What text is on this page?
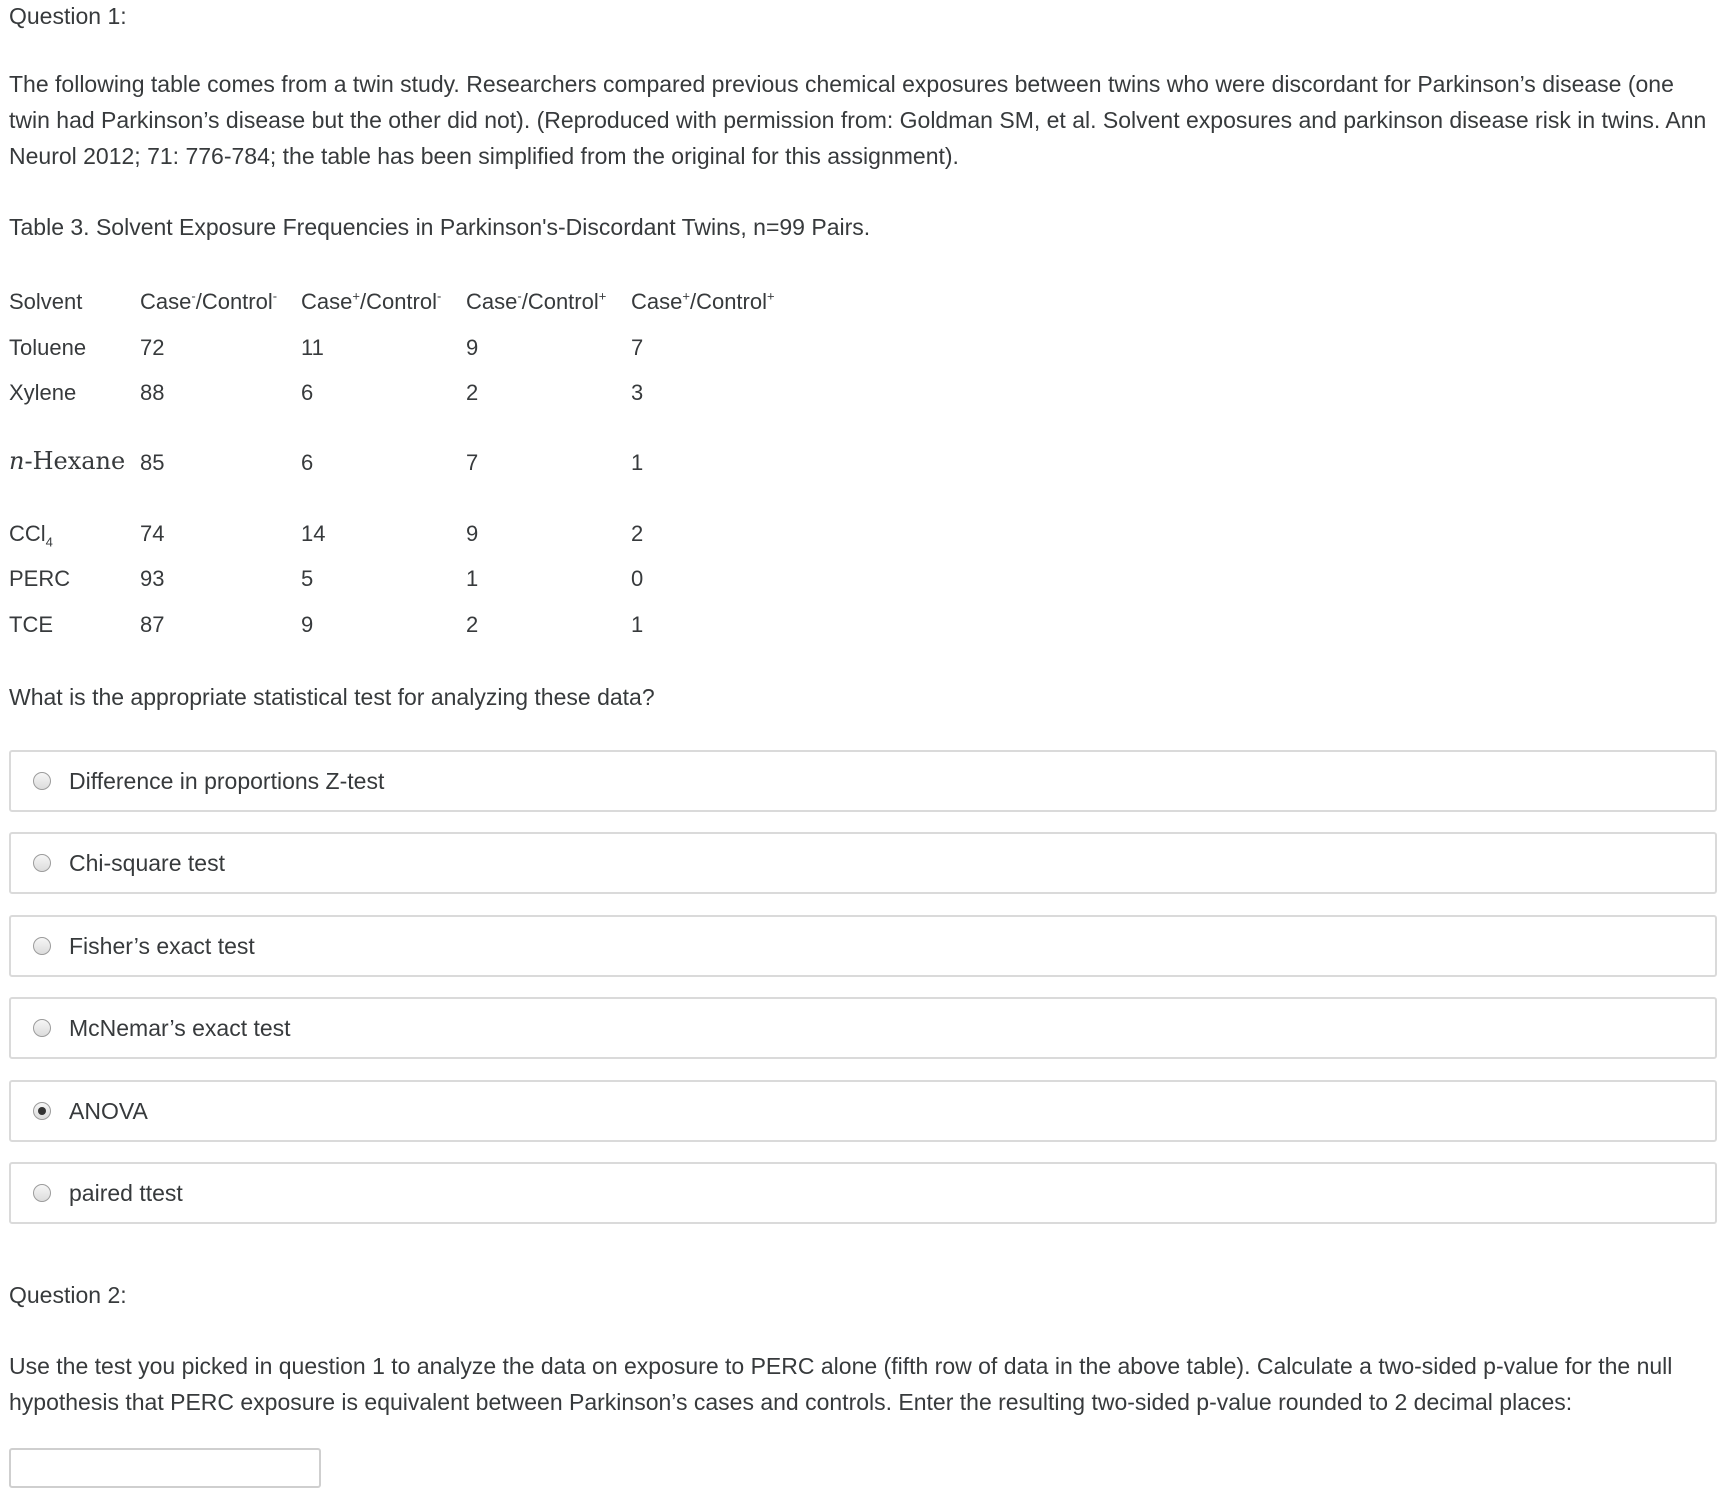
Question 1:

The following table comes from a twin study. Researchers compared previous chemical exposures between twins who were discordant for Parkinson’s disease (one twin had Parkinson’s disease but the other did not). (Reproduced with permission from: Goldman SM, et al. Solvent exposures and parkinson disease risk in twins. Ann Neurol 2012; 71: 776-784; the table has been simplified from the original for this assignment).

Table 3. Solvent Exposure Frequencies in Parkinson's-Discordant Twins, n=99 Pairs.
Solvent	Case-/Control- Case+/Control- Case-/Control+ Case+/Control+
Toluene 72	11	9	7
Xylene	88	6	2	3
n-Hexane 85	6	7	1
CCl$_4$	74	14	9	2
PERC	93	5	1	0
TCE	87	9	2	1
What is the appropriate statistical test for analyzing these data?
Difference in proportions Z-test
Chi-square test
Fisher’s exact test
McNemar’s exact test
ANOVA
paired ttest
Question 2:

Use the test you picked in question 1 to analyze the data on exposure to PERC alone (fifth row of data in the above table). Calculate a two-sided p-value for the null hypothesis that PERC exposure is equivalent between Parkinson’s cases and controls. Enter the resulting two-sided p-value rounded to 2 decimal places:
